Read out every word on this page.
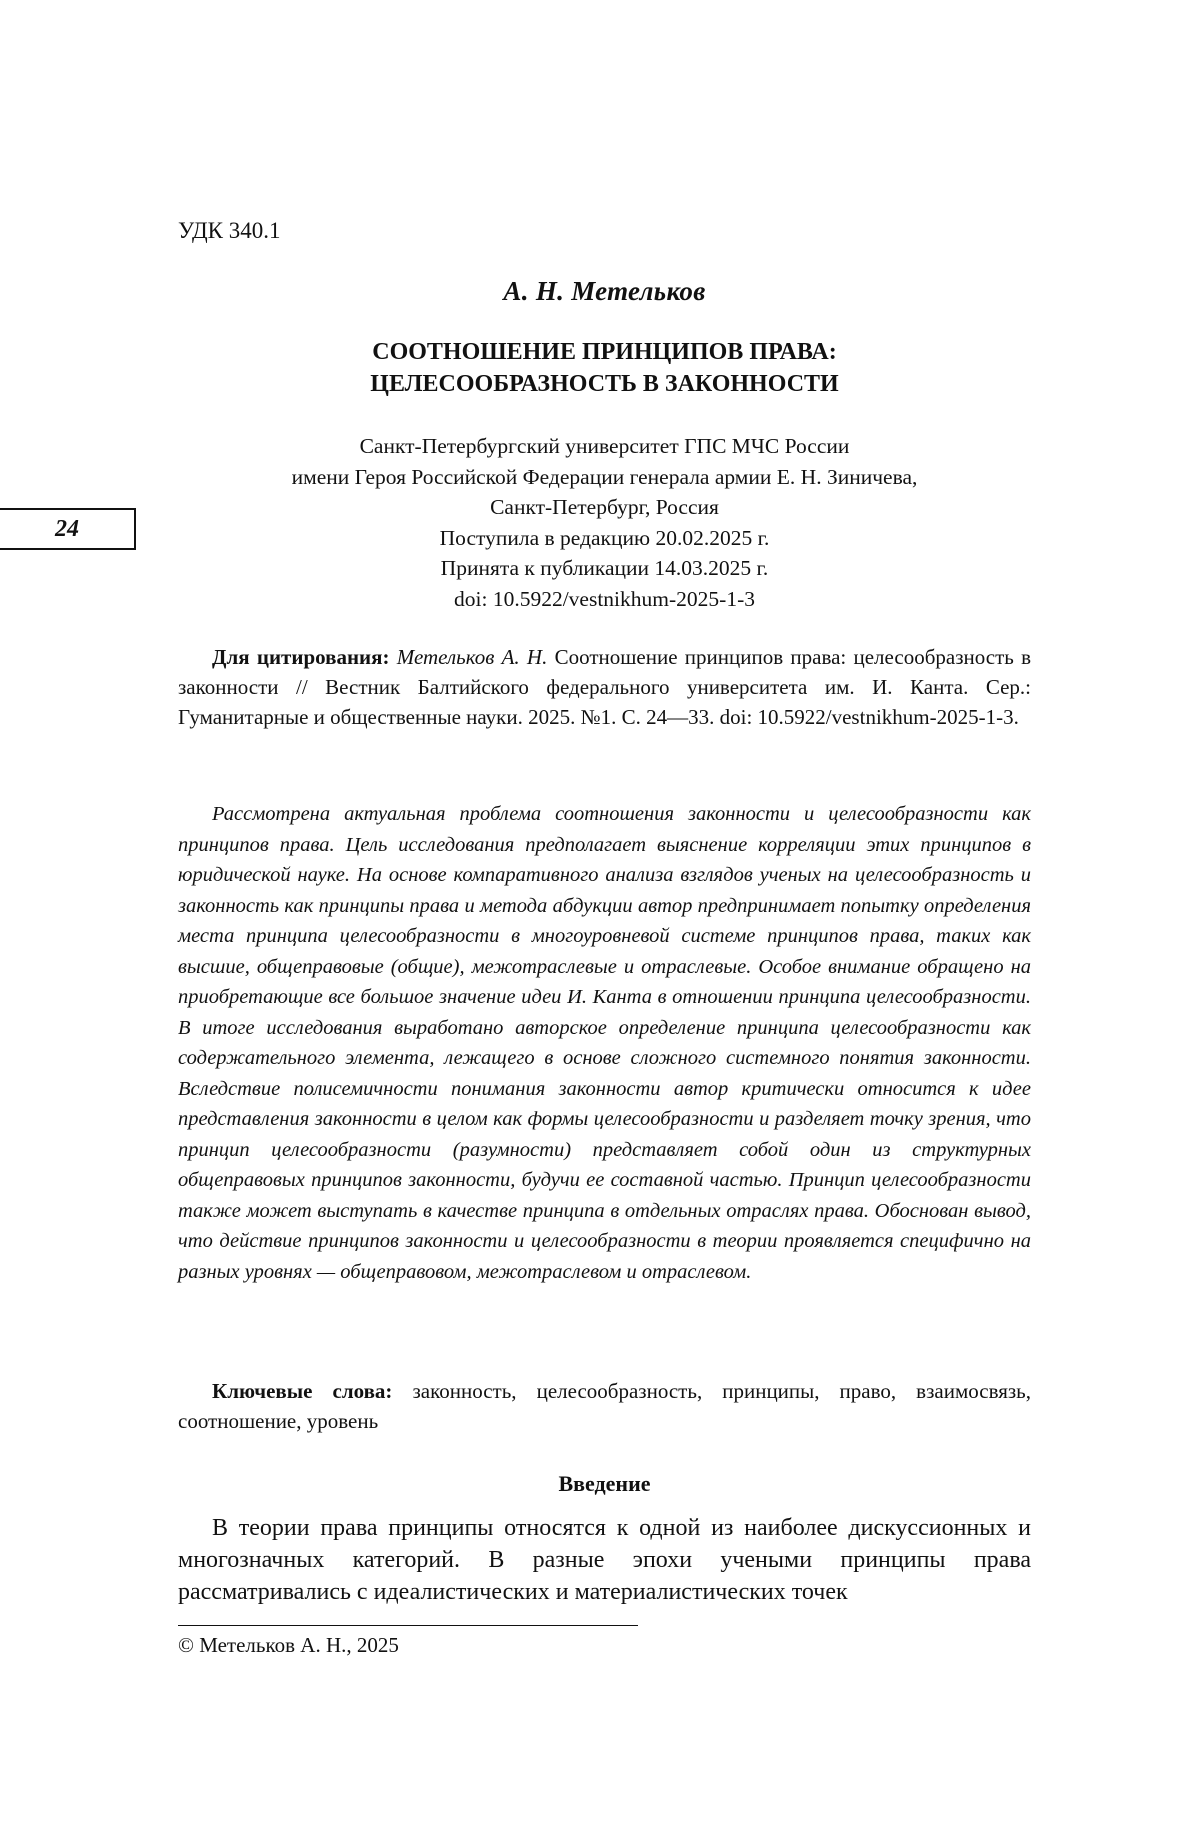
УДК 340.1
24
А. Н. Метельков
СООТНОШЕНИЕ ПРИНЦИПОВ ПРАВА:
ЦЕЛЕСООБРАЗНОСТЬ В ЗАКОННОСТИ
Санкт-Петербургский университет ГПС МЧС России
имени Героя Российской Федерации генерала армии Е. Н. Зиничева,
Санкт-Петербург, Россия
Поступила в редакцию 20.02.2025 г.
Принята к публикации 14.03.2025 г.
doi: 10.5922/vestnikhum-2025-1-3
Для цитирования: Метельков А. Н. Соотношение принципов права: целесообразность в законности // Вестник Балтийского федерального университета им. И. Канта. Сер.: Гуманитарные и общественные науки. 2025. №1. С. 24—33. doi: 10.5922/vestnikhum-2025-1-3.
Рассмотрена актуальная проблема соотношения законности и целесообразности как принципов права. Цель исследования предполагает выяснение корреляции этих принципов в юридической науке. На основе компаративного анализа взглядов ученых на целесообразность и законность как принципы права и метода абдукции автор предпринимает попытку определения места принципа целесообразности в многоуровневой системе принципов права, таких как высшие, общеправовые (общие), межотраслевые и отраслевые. Особое внимание обращено на приобретающие все большое значение идеи И. Канта в отношении принципа целесообразности. В итоге исследования выработано авторское определение принципа целесообразности как содержательного элемента, лежащего в основе сложного системного понятия законности. Вследствие полисемичности понимания законности автор критически относится к идее представления законности в целом как формы целесообразности и разделяет точку зрения, что принцип целесообразности (разумности) представляет собой один из структурных общеправовых принципов законности, будучи ее составной частью. Принцип целесообразности также может выступать в качестве принципа в отдельных отраслях права. Обоснован вывод, что действие принципов законности и целесообразности в теории проявляется специфично на разных уровнях — общеправовом, межотраслевом и отраслевом.
Ключевые слова: законность, целесообразность, принципы, право, взаимосвязь, соотношение, уровень
Введение
В теории права принципы относятся к одной из наиболее дискуссионных и многозначных категорий. В разные эпохи учеными принципы права рассматривались с идеалистических и материалистических точек
© Метельков А. Н., 2025
